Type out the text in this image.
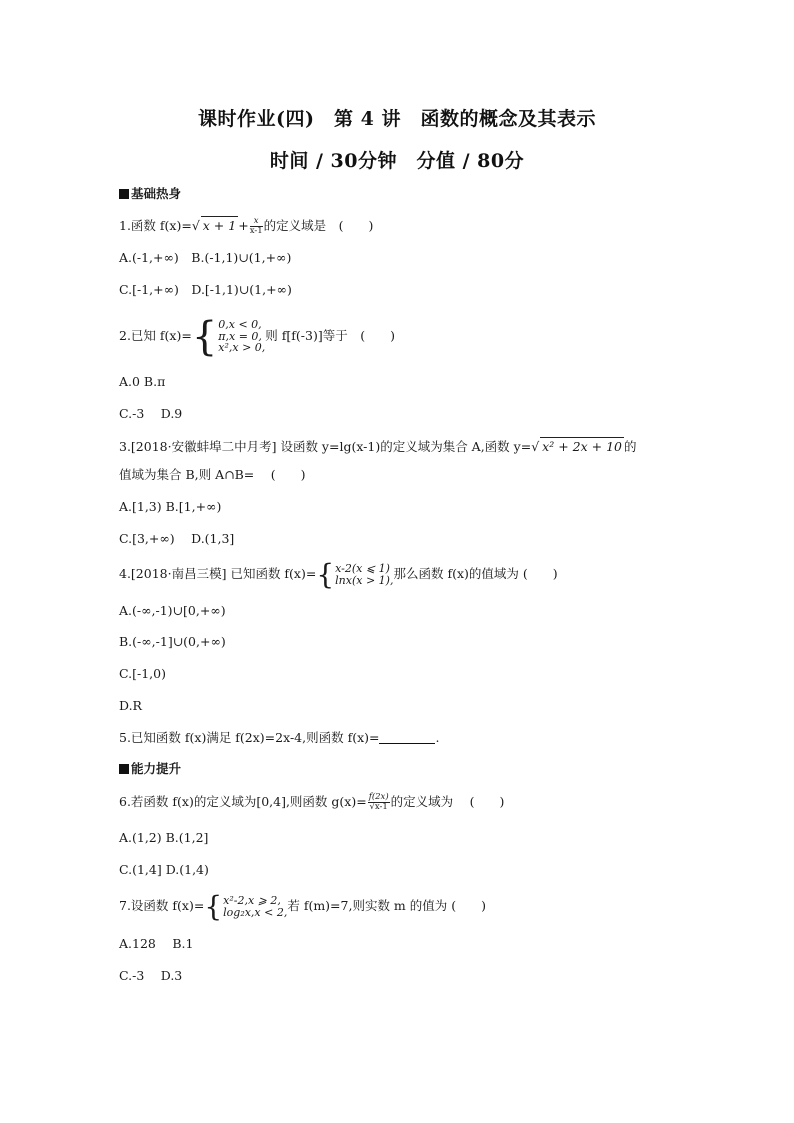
课时作业(四)　第 4 讲　函数的概念及其表示
时间 / 30分钟　分值 / 80分
基础热身
1.函数 f(x)=√ $x + 1 + \frac{x}{x-1}$ 的定义域是　(　　)
A.(-1,+∞)　B.(-1,1)∪(1,+∞)
C.[-1,+∞)　D.[-1,1)∪(1,+∞)
2.已知 f(x)={ 0,x < 0,
π,x = 0,
x²,x > 0,
则 f[f(-3)]等于　(　　)
A.0 B.π
C.-3　 D.9
3.[2018·安徽蚌埠二中月考] 设函数 y=lg(x-1)的定义域为集合 A,函数 y=√ x² + 2x + 10 的
值域为集合 B,则 A∩B=　 (　　)
A.[1,3) B.[1,+∞)
C.[3,+∞)　 D.(1,3]
4.[2018·南昌三模] 已知函数 f(x)={ x-2(x ⩽ 1)
lnx(x > 1), 那么函数 f(x)的值域为 (　　)
A.(-∞,-1)∪[0,+∞)
B.(-∞,-1]∪(0,+∞)
C.[-1,0)
D.R
5.已知函数 f(x)满足 f(2x)=2x-4,则函数 f(x)=	.
能力提升
6.若函数 f(x)的定义域为[0,4],则函数 $g(x)= \frac{f(2x)}{√x-1}$ 的定义域为　 (　　)
A.(1,2) B.(1,2]
C.(1,4] D.(1,4)
7.设函数 f(x)={ x²-2,x ⩾ 2,
log₂x,x < 2, 若 f(m)=7,则实数 m 的值为 (　　)
A.128　 B.1
C.-3　 D.3
